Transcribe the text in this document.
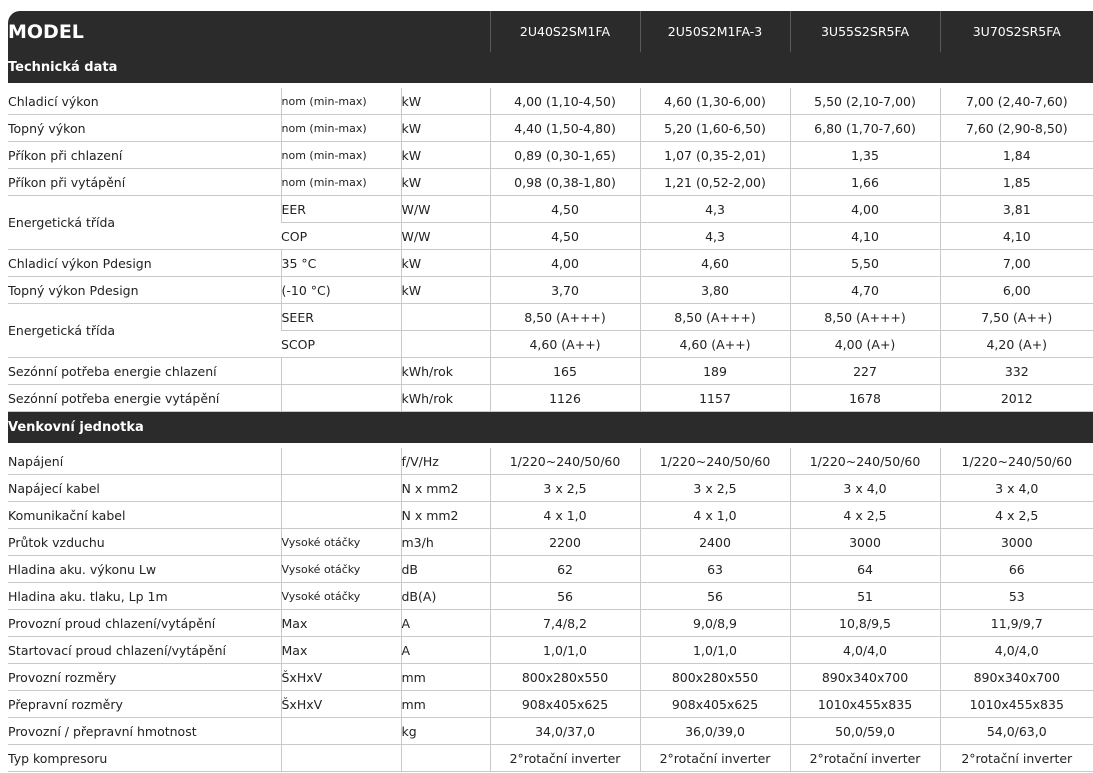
MODEL			2U40S2SM1FA	2U50S2M1FA-3	3U55S2SR5FA	3U70S2SR5FA
Technická data						

Chladicí výkon	nom (min-max)	kW	4,00 (1,10-4,50)	4,60 (1,30-6,00)	5,50 (2,10-7,00)	7,00 (2,40-7,60)
Topný výkon	nom (min-max)	kW	4,40 (1,50-4,80)	5,20 (1,60-6,50)	6,80 (1,70-7,60)	7,60 (2,90-8,50)
Příkon při chlazení	nom (min-max)	kW	0,89 (0,30-1,65)	1,07 (0,35-2,01)	1,35	1,84
Příkon při vytápění	nom (min-max)	kW	0,98 (0,38-1,80)	1,21 (0,52-2,00)	1,66	1,85
Energetická třída	EER	W/W	4,50	4,3	4,00	3,81
	COP	W/W	4,50	4,3	4,10	4,10
Chladicí výkon Pdesign	35 °C	kW	4,00	4,60	5,50	7,00
Topný výkon Pdesign	(-10 °C)	kW	3,70	3,80	4,70	6,00
Energetická třída	SEER		8,50 (A+++)	8,50 (A+++)	8,50 (A+++)	7,50 (A++)
	SCOP		4,60 (A++)	4,60 (A++)	4,00 (A+)	4,20 (A+)
Sezónní potřeba energie chlazení		kWh/rok	165	189	227	332
Sezónní potřeba energie vytápění		kWh/rok	1126	1157	1678	2012
Venkovní jednotka						

Napájení		f/V/Hz	1/220~240/50/60	1/220~240/50/60	1/220~240/50/60	1/220~240/50/60
Napájecí kabel		N x mm2	3 x 2,5	3 x 2,5	3 x 4,0	3 x 4,0
Komunikační kabel		N x mm2	4 x 1,0	4 x 1,0	4 x 2,5	4 x 2,5
Průtok vzduchu	Vysoké otáčky	m3/h	2200	2400	3000	3000
Hladina aku. výkonu Lw	Vysoké otáčky	dB	62	63	64	66
Hladina aku. tlaku, Lp 1m	Vysoké otáčky	dB(A)	56	56	51	53
Provozní proud chlazení/vytápění	Max	A	7,4/8,2	9,0/8,9	10,8/9,5	11,9/9,7
Startovací proud chlazení/vytápění	Max	A	1,0/1,0	1,0/1,0	4,0/4,0	4,0/4,0
Provozní rozměry	ŠxHxV	mm	800x280x550	800x280x550	890x340x700	890x340x700
Přepravní rozměry	ŠxHxV	mm	908x405x625	908x405x625	1010x455x835	1010x455x835
Provozní / přepravní hmotnost		kg	34,0/37,0	36,0/39,0	50,0/59,0	54,0/63,0
Typ kompresoru			2°rotační inverter	2°rotační inverter	2°rotační inverter	2°rotační inverter
